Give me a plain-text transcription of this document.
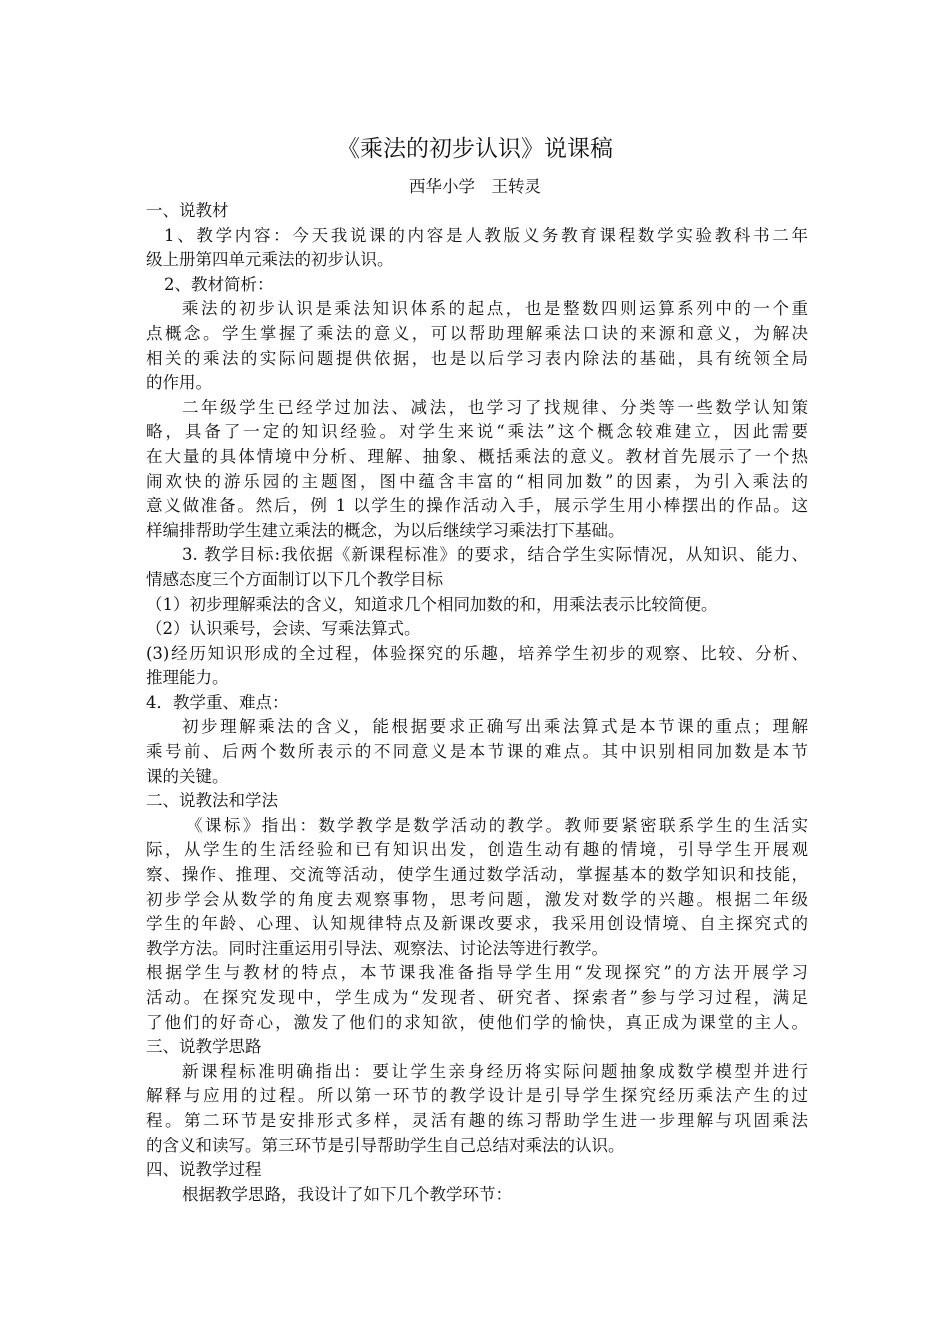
《乘法的初步认识》说课稿
西华小学　王转灵
一、说教材
1、教学内容：今天我说课的内容是人教版义务教育课程数学实验教科书二年
级上册第四单元乘法的初步认识。
2、教材简析：
乘法的初步认识是乘法知识体系的起点，也是整数四则运算系列中的一个重
点概念。学生掌握了乘法的意义，可以帮助理解乘法口诀的来源和意义，为解决
相关的乘法的实际问题提供依据，也是以后学习表内除法的基础，具有统领全局
的作用。
二年级学生已经学过加法、减法，也学习了找规律、分类等一些数学认知策
略，具备了一定的知识经验。对学生来说“乘法”这个概念较难建立，因此需要
在大量的具体情境中分析、理解、抽象、概括乘法的意义。教材首先展示了一个热
闹欢快的游乐园的主题图，图中蕴含丰富的“相同加数”的因素，为引入乘法的
意义做准备。然后，例 1 以学生的操作活动入手，展示学生用小棒摆出的作品。这
样编排帮助学生建立乘法的概念，为以后继续学习乘法打下基础。
3. 教学目标:我依据《新课程标准》的要求，结合学生实际情况，从知识、能力、
情感态度三个方面制订以下几个教学目标
（1）初步理解乘法的含义，知道求几个相同加数的和，用乘法表示比较简便。
（2）认识乘号，会读、写乘法算式。
(3)经历知识形成的全过程，体验探究的乐趣，培养学生初步的观察、比较、分析、
推理能力。
4．教学重、难点：
初步理解乘法的含义，能根据要求正确写出乘法算式是本节课的重点；理解
乘号前、后两个数所表示的不同意义是本节课的难点。其中识别相同加数是本节
课的关键。
二、说教法和学法
《课标》指出：数学教学是数学活动的教学。教师要紧密联系学生的生活实
际，从学生的生活经验和已有知识出发，创造生动有趣的情境，引导学生开展观
察、操作、推理、交流等活动，使学生通过数学活动，掌握基本的数学知识和技能，
初步学会从数学的角度去观察事物，思考问题，激发对数学的兴趣。根据二年级
学生的年龄、心理、认知规律特点及新课改要求，我采用创设情境、自主探究式的
教学方法。同时注重运用引导法、观察法、讨论法等进行教学。
根据学生与教材的特点，本节课我准备指导学生用“发现探究”的方法开展学习
活动。在探究发现中，学生成为“发现者、研究者、探索者”参与学习过程，满足
了他们的好奇心，激发了他们的求知欲，使他们学的愉快，真正成为课堂的主人。
三、说教学思路
新课程标准明确指出：要让学生亲身经历将实际问题抽象成数学模型并进行
解释与应用的过程。所以第一环节的教学设计是引导学生探究经历乘法产生的过
程。第二环节是安排形式多样，灵活有趣的练习帮助学生进一步理解与巩固乘法
的含义和读写。第三环节是引导帮助学生自己总结对乘法的认识。
四、说教学过程
根据教学思路，我设计了如下几个教学环节：
